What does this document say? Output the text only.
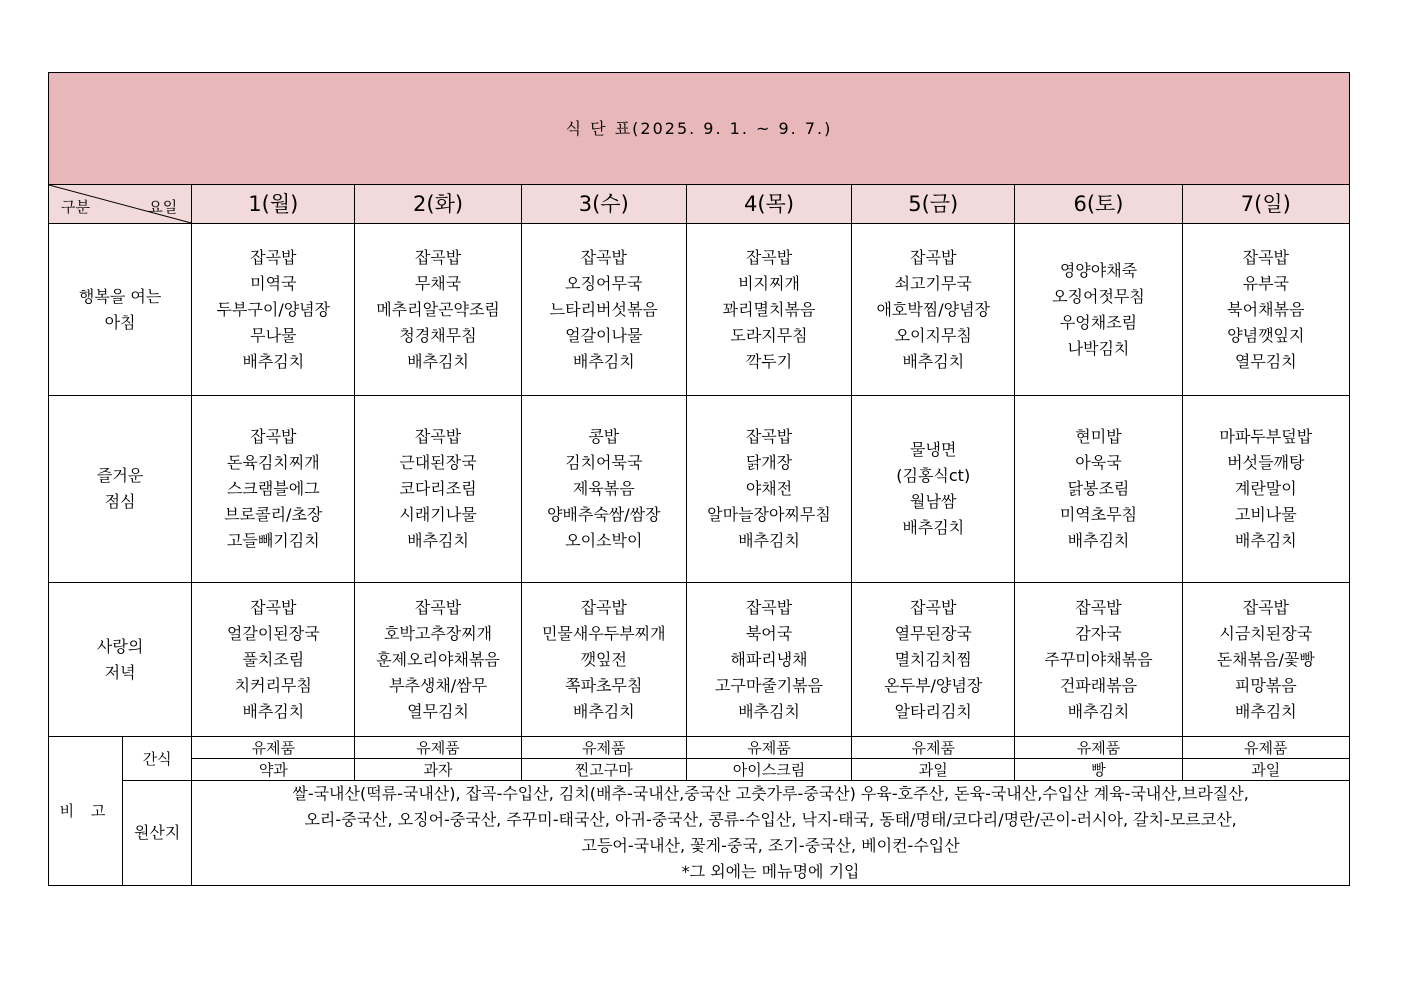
식 단 표(2025. 9. 1. ~ 9. 7.)								

구분 요일		1(월)	2(화)	3(수)	4(목)	5(금)	6(토)	7(일)

행복을 여는
아침		잡곡밥
미역국
두부구이/양념장
무나물
배추김치	잡곡밥
무채국
메추리알곤약조림
청경채무침
배추김치	잡곡밥
오징어무국
느타리버섯볶음
얼갈이나물
배추김치	잡곡밥
비지찌개
꽈리멸치볶음
도라지무침
깍두기	잡곡밥
쇠고기무국
애호박찜/양념장
오이지무침
배추김치	영양야채죽
오징어젓무침
우엉채조림
나박김치	잡곡밥
유부국
북어채볶음
양념깻잎지
열무김치

즐거운
점심		잡곡밥
돈육김치찌개
스크램블에그
브로콜리/초장
고들빼기김치	잡곡밥
근대된장국
코다리조림
시래기나물
배추김치	콩밥
김치어묵국
제육볶음
양배추숙쌈/쌈장
오이소박이	잡곡밥
닭개장
야채전
알마늘장아찌무침
배추김치	물냉면
(김홍식ct)
월남쌈
배추김치	현미밥
아욱국
닭봉조림
미역초무침
배추김치	마파두부덮밥
버섯들깨탕
계란말이
고비나물
배추김치

사랑의
저녁		잡곡밥
얼갈이된장국
풀치조림
치커리무침
배추김치	잡곡밥
호박고추장찌개
훈제오리야채볶음
부추생채/쌈무
열무김치	잡곡밥
민물새우두부찌개
깻잎전
쪽파초무침
배추김치	잡곡밥
북어국
해파리냉채
고구마줄기볶음
배추김치	잡곡밥
열무된장국
멸치김치찜
온두부/양념장
알타리김치	잡곡밥
감자국
주꾸미야채볶음
건파래볶음
배추김치	잡곡밥
시금치된장국
돈채볶음/꽃빵
피망볶음
배추김치

비 고	간식	유제품	유제품	유제품	유제품	유제품	유제품	유제품
		약과	과자	찐고구마	아이스크림	과일	빵	과일
	원산지	쌀-국내산(떡류-국내산), 잡곡-수입산, 김치(배추-국내산,중국산 고춧가루-중국산) 우육-호주산, 돈육-국내산,수입산 계육-국내산,브라질산,
오리-중국산, 오징어-중국산, 주꾸미-태국산, 아귀-중국산, 콩류-수입산, 낙지-태국, 동태/명태/코다리/명란/곤이-러시아, 갈치-모르코산,
고등어-국내산, 꽃게-중국, 조기-중국산, 베이컨-수입산
*그 외에는 메뉴명에 기입						
